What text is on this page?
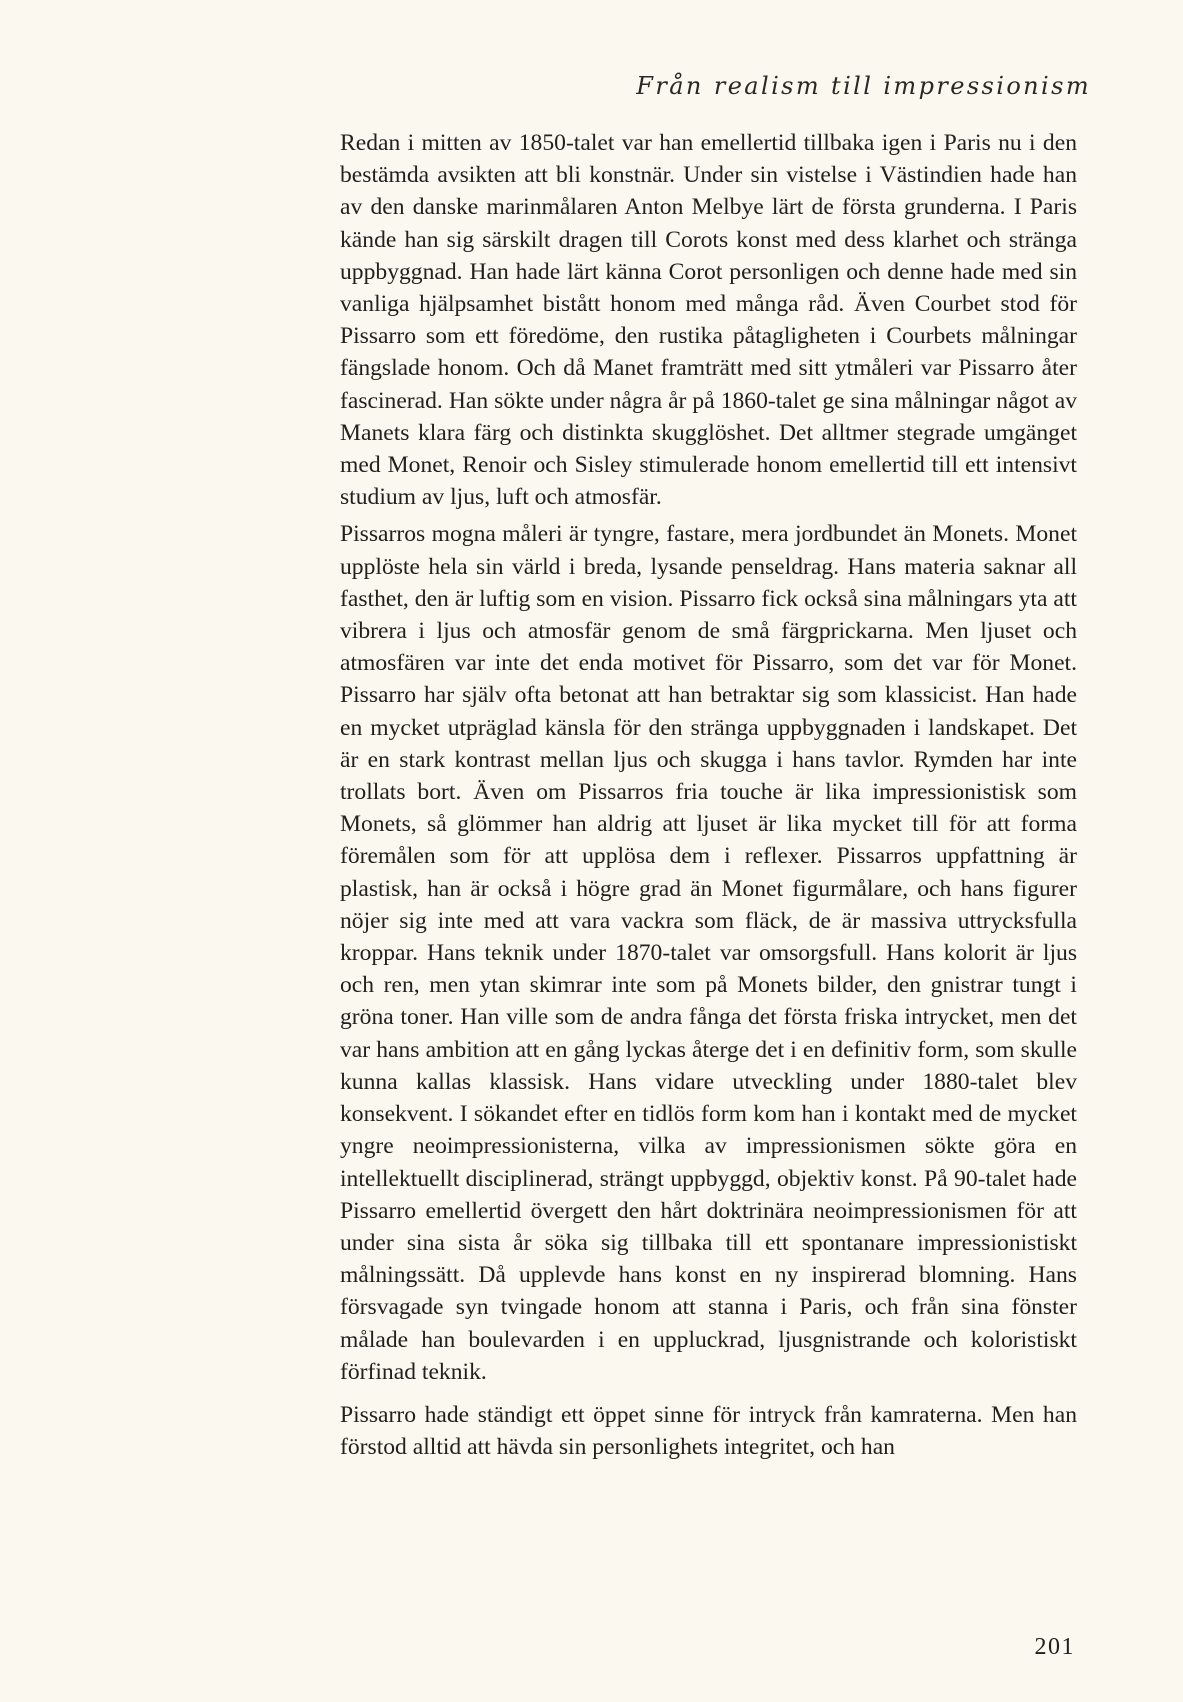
Från realism till impressionism

Redan i mitten av 1850-talet var han emellertid tillbaka igen i Paris nu i den bestämda avsikten att bli konstnär. Under sin vistelse i Västindien hade han av den danske marinmålaren Anton Melbye lärt de första grunderna. I Paris kände han sig särskilt dragen till Corots konst med dess klarhet och stränga uppbyggnad. Han hade lärt känna Corot personligen och denne hade med sin vanliga hjälpsamhet bistått honom med många råd. Även Courbet stod för Pissarro som ett föredöme, den rustika påtagligheten i Courbets målningar fängslade honom. Och då Manet framträtt med sitt ytmåleri var Pissarro åter fascinerad. Han sökte under några år på 1860-talet ge sina målningar något av Manets klara färg och distinkta skugglöshet. Det alltmer stegrade umgänget med Monet, Renoir och Sisley stimulerade honom emellertid till ett intensivt studium av ljus, luft och atmosfär.

Pissarros mogna måleri är tyngre, fastare, mera jordbundet än Monets. Monet upplöste hela sin värld i breda, lysande penseldrag. Hans materia saknar all fasthet, den är luftig som en vision. Pissarro fick också sina målningars yta att vibrera i ljus och atmosfär genom de små färgprickarna. Men ljuset och atmosfären var inte det enda motivet för Pissarro, som det var för Monet. Pissarro har själv ofta betonat att han betraktar sig som klassicist. Han hade en mycket utpräglad känsla för den stränga uppbyggnaden i landskapet. Det är en stark kontrast mellan ljus och skugga i hans tavlor. Rymden har inte trollats bort. Även om Pissarros fria touche är lika impressionistisk som Monets, så glömmer han aldrig att ljuset är lika mycket till för att forma föremålen som för att upplösa dem i reflexer. Pissarros uppfattning är plastisk, han är också i högre grad än Monet figurmålare, och hans figurer nöjer sig inte med att vara vackra som fläck, de är massiva uttrycksfulla kroppar. Hans teknik under 1870-talet var omsorgsfull. Hans kolorit är ljus och ren, men ytan skimrar inte som på Monets bilder, den gnistrar tungt i gröna toner. Han ville som de andra fånga det första friska intrycket, men det var hans ambition att en gång lyckas återge det i en definitiv form, som skulle kunna kallas klassisk. Hans vidare utveckling under 1880-talet blev konsekvent. I sökandet efter en tidlös form kom han i kontakt med de mycket yngre neoimpressionisterna, vilka av impressionismen sökte göra en intellektuellt disciplinerad, strängt uppbyggd, objektiv konst. På 90-talet hade Pissarro emellertid övergett den hårt doktrinära neoimpressionismen för att under sina sista år söka sig tillbaka till ett spontanare impressionistiskt målningssätt. Då upplevde hans konst en ny inspirerad blomning. Hans försvagade syn tvingade honom att stanna i Paris, och från sina fönster målade han boulevarden i en uppluckrad, ljusgnistrande och koloristiskt förfinad teknik.

Pissarro hade ständigt ett öppet sinne för intryck från kamraterna. Men han förstod alltid att hävda sin personlighets integritet, och han

201
